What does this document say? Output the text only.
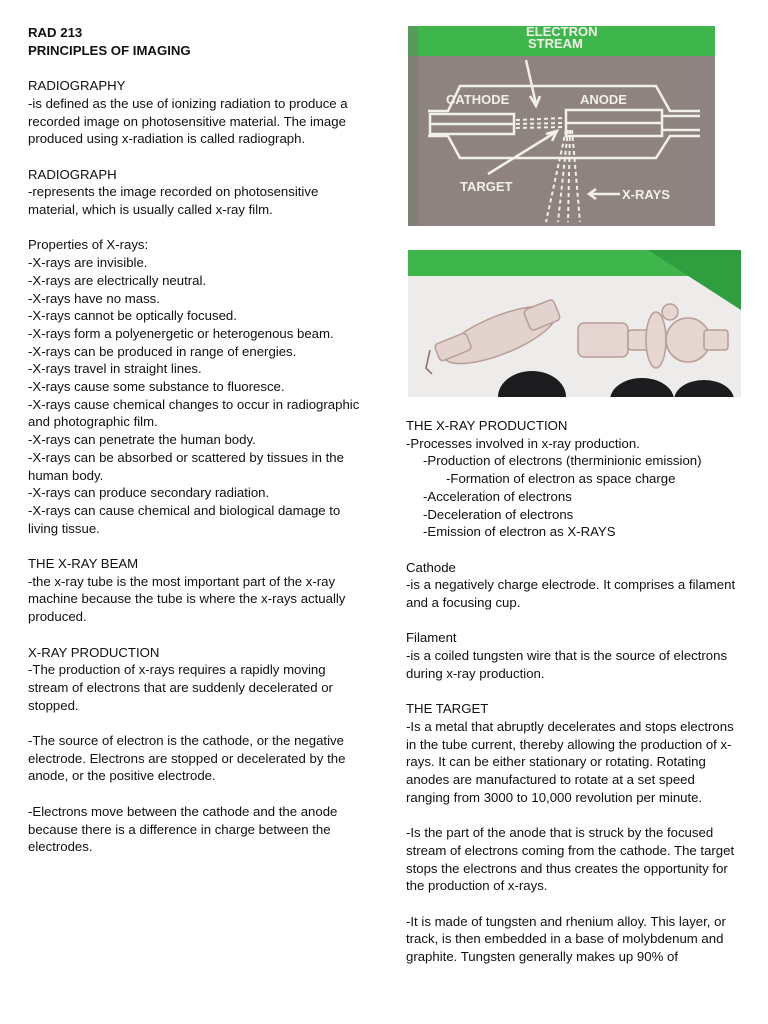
RAD 213

PRINCIPLES OF IMAGING

RADIOGRAPHY

-is defined as the use of ionizing radiation to produce a recorded image on photosensitive material. The image produced using x-radiation is called radiograph.

RADIOGRAPH

-represents the image recorded on photosensitive material, which is usually called x-ray film.

Properties of X-rays:

-X-rays are invisible.

-X-rays are electrically neutral.

-X-rays have no mass.

-X-rays cannot be optically focused.

-X-rays form a polyenergetic or heterogenous beam.

-X-rays can be produced in range of energies.

-X-rays travel in straight lines.

-X-rays cause some substance to fluoresce.

-X-rays cause chemical changes to occur in radiographic and photographic film.

-X-rays can penetrate the human body.

-X-rays can be absorbed or scattered by tissues in the human body.

-X-rays can produce secondary radiation.

-X-rays can cause chemical and biological damage to living tissue.

THE X-RAY BEAM

-the x-ray tube is the most important part of the x-ray machine because the tube is where the x-rays actually produced.

X-RAY PRODUCTION

-The production of x-rays requires a rapidly moving stream of electrons that are suddenly decelerated or stopped.

-The source of electron is the cathode, or the negative electrode. Electrons are stopped or decelerated by the anode, or the positive electrode.

-Electrons move between the cathode and the anode because there is a difference in charge between the electrodes.

ELECTRON
STREAM
CATHODE	ANODE
TARGET
X-RAYS

THE X-RAY PRODUCTION

-Processes involved in x-ray production.

-Production of electrons (therminionic emission)

-Formation of electron as space charge

-Acceleration of electrons

-Deceleration of electrons

-Emission of electron as X-RAYS

Cathode

-is a negatively charge electrode. It comprises a filament and a focusing cup.

Filament

-is a coiled tungsten wire that is the source of electrons during x-ray production.

THE TARGET

-Is a metal that abruptly decelerates and stops electrons in the tube current, thereby allowing the production of x-rays. It can be either stationary or rotating. Rotating anodes are manufactured to rotate at a set speed ranging from 3000 to 10,000 revolution per minute.

-Is the part of the anode that is struck by the focused stream of electrons coming from the cathode. The target stops the electrons and thus creates the opportunity for the production of x-rays.

-It is made of tungsten and rhenium alloy. This layer, or track, is then embedded in a base of molybdenum and graphite. Tungsten generally makes up 90% of
